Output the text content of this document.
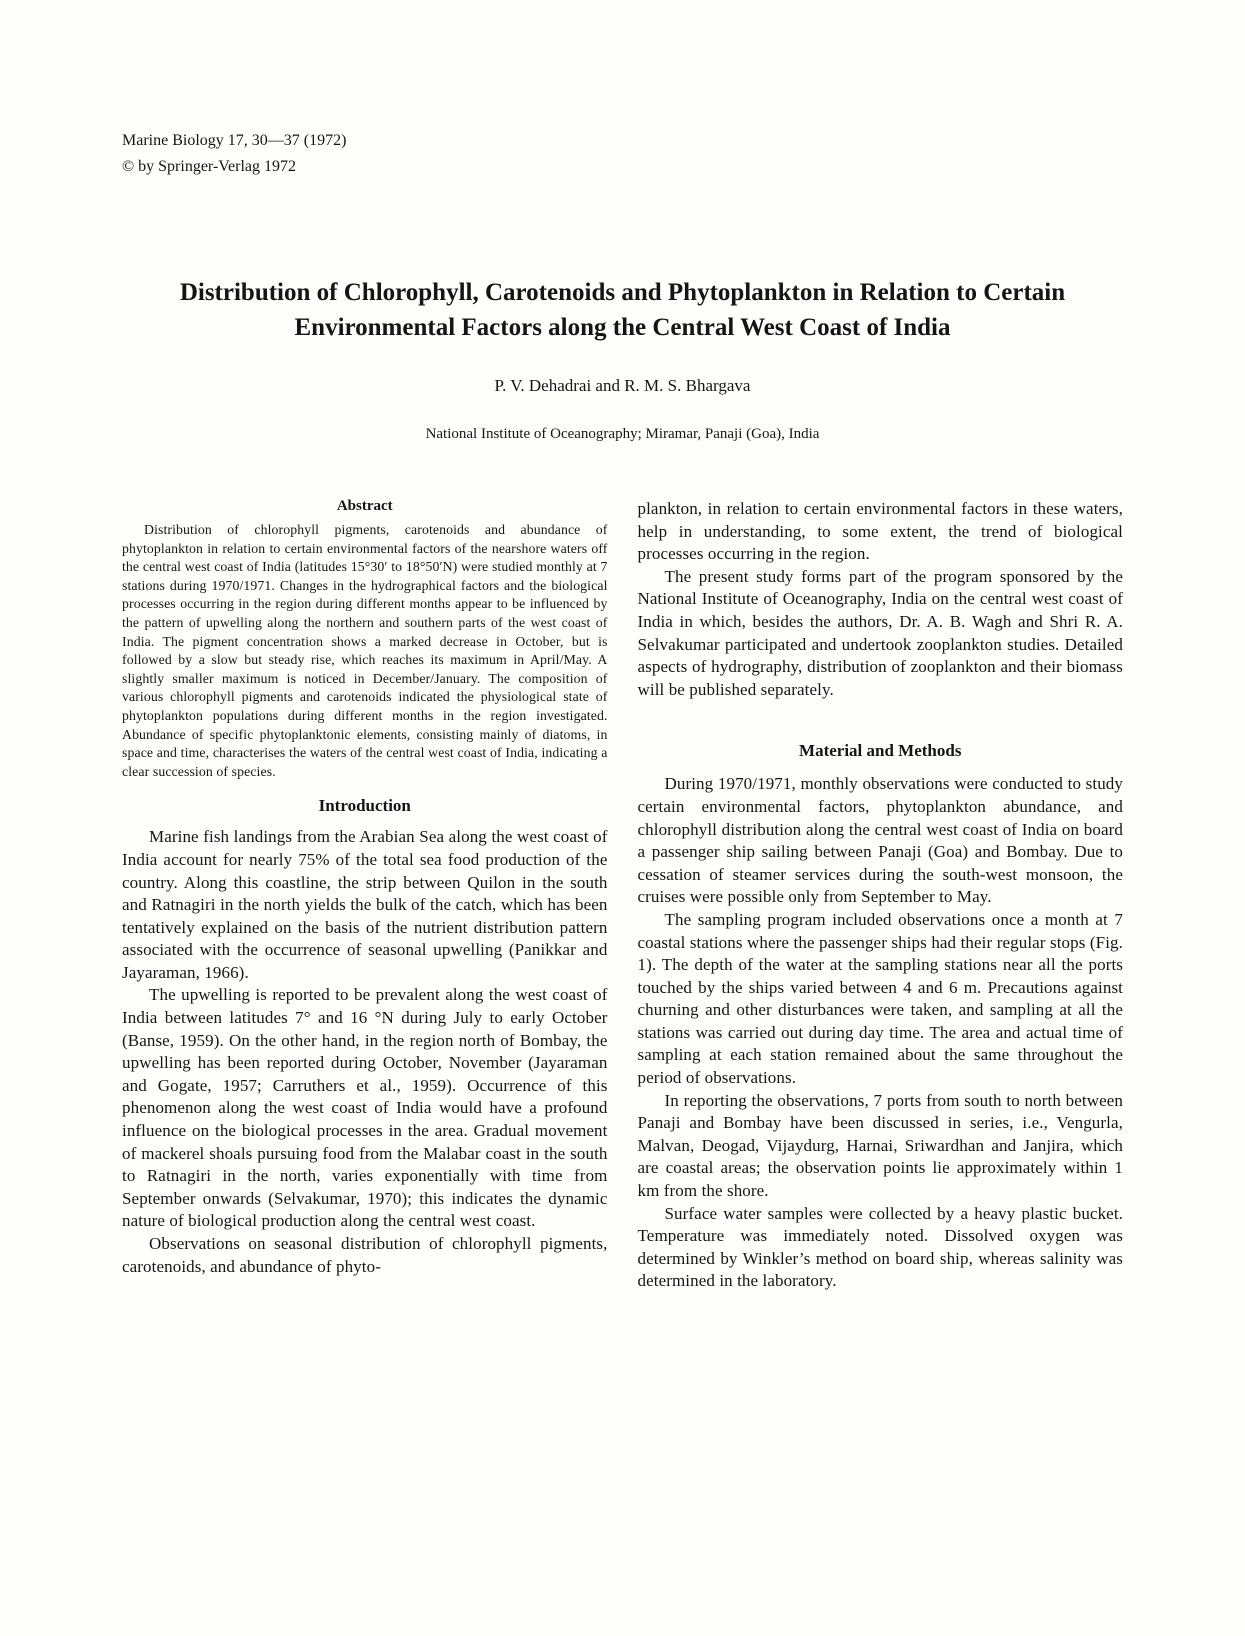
Marine Biology 17, 30—37 (1972)
© by Springer-Verlag 1972
Distribution of Chlorophyll, Carotenoids and Phytoplankton in Relation to Certain Environmental Factors along the Central West Coast of India
P. V. Dehadrai and R. M. S. Bhargava
National Institute of Oceanography; Miramar, Panaji (Goa), India
Abstract

Distribution of chlorophyll pigments, carotenoids and abundance of phytoplankton in relation to certain environmental factors of the nearshore waters off the central west coast of India (latitudes 15°30′ to 18°50′N) were studied monthly at 7 stations during 1970/1971. Changes in the hydrographical factors and the biological processes occurring in the region during different months appear to be influenced by the pattern of upwelling along the northern and southern parts of the west coast of India. The pigment concentration shows a marked decrease in October, but is followed by a slow but steady rise, which reaches its maximum in April/May. A slightly smaller maximum is noticed in December/January. The composition of various chlorophyll pigments and carotenoids indicated the physiological state of phytoplankton populations during different months in the region investigated. Abundance of specific phytoplanktonic elements, consisting mainly of diatoms, in space and time, characterises the waters of the central west coast of India, indicating a clear succession of species.

Introduction

Marine fish landings from the Arabian Sea along the west coast of India account for nearly 75% of the total sea food production of the country. Along this coastline, the strip between Quilon in the south and Ratnagiri in the north yields the bulk of the catch, which has been tentatively explained on the basis of the nutrient distribution pattern associated with the occurrence of seasonal upwelling (Panikkar and Jayaraman, 1966).

The upwelling is reported to be prevalent along the west coast of India between latitudes 7° and 16 °N during July to early October (Banse, 1959). On the other hand, in the region north of Bombay, the upwelling has been reported during October, November (Jayaraman and Gogate, 1957; Carruthers et al., 1959). Occurrence of this phenomenon along the west coast of India would have a profound influence on the biological processes in the area. Gradual movement of mackerel shoals pursuing food from the Malabar coast in the south to Ratnagiri in the north, varies exponentially with time from September onwards (Selvakumar, 1970); this indicates the dynamic nature of biological production along the central west coast.

Observations on seasonal distribution of chlorophyll pigments, carotenoids, and abundance of phyto-

plankton, in relation to certain environmental factors in these waters, help in understanding, to some extent, the trend of biological processes occurring in the region.

The present study forms part of the program sponsored by the National Institute of Oceanography, India on the central west coast of India in which, besides the authors, Dr. A. B. Wagh and Shri R. A. Selvakumar participated and undertook zooplankton studies. Detailed aspects of hydrography, distribution of zooplankton and their biomass will be published separately.

Material and Methods

During 1970/1971, monthly observations were conducted to study certain environmental factors, phytoplankton abundance, and chlorophyll distribution along the central west coast of India on board a passenger ship sailing between Panaji (Goa) and Bombay. Due to cessation of steamer services during the south-west monsoon, the cruises were possible only from September to May.

The sampling program included observations once a month at 7 coastal stations where the passenger ships had their regular stops (Fig. 1). The depth of the water at the sampling stations near all the ports touched by the ships varied between 4 and 6 m. Precautions against churning and other disturbances were taken, and sampling at all the stations was carried out during day time. The area and actual time of sampling at each station remained about the same throughout the period of observations.

In reporting the observations, 7 ports from south to north between Panaji and Bombay have been discussed in series, i.e., Vengurla, Malvan, Deogad, Vijaydurg, Harnai, Sriwardhan and Janjira, which are coastal areas; the observation points lie approximately within 1 km from the shore.

Surface water samples were collected by a heavy plastic bucket. Temperature was immediately noted. Dissolved oxygen was determined by Winkler’s method on board ship, whereas salinity was determined in the laboratory.
